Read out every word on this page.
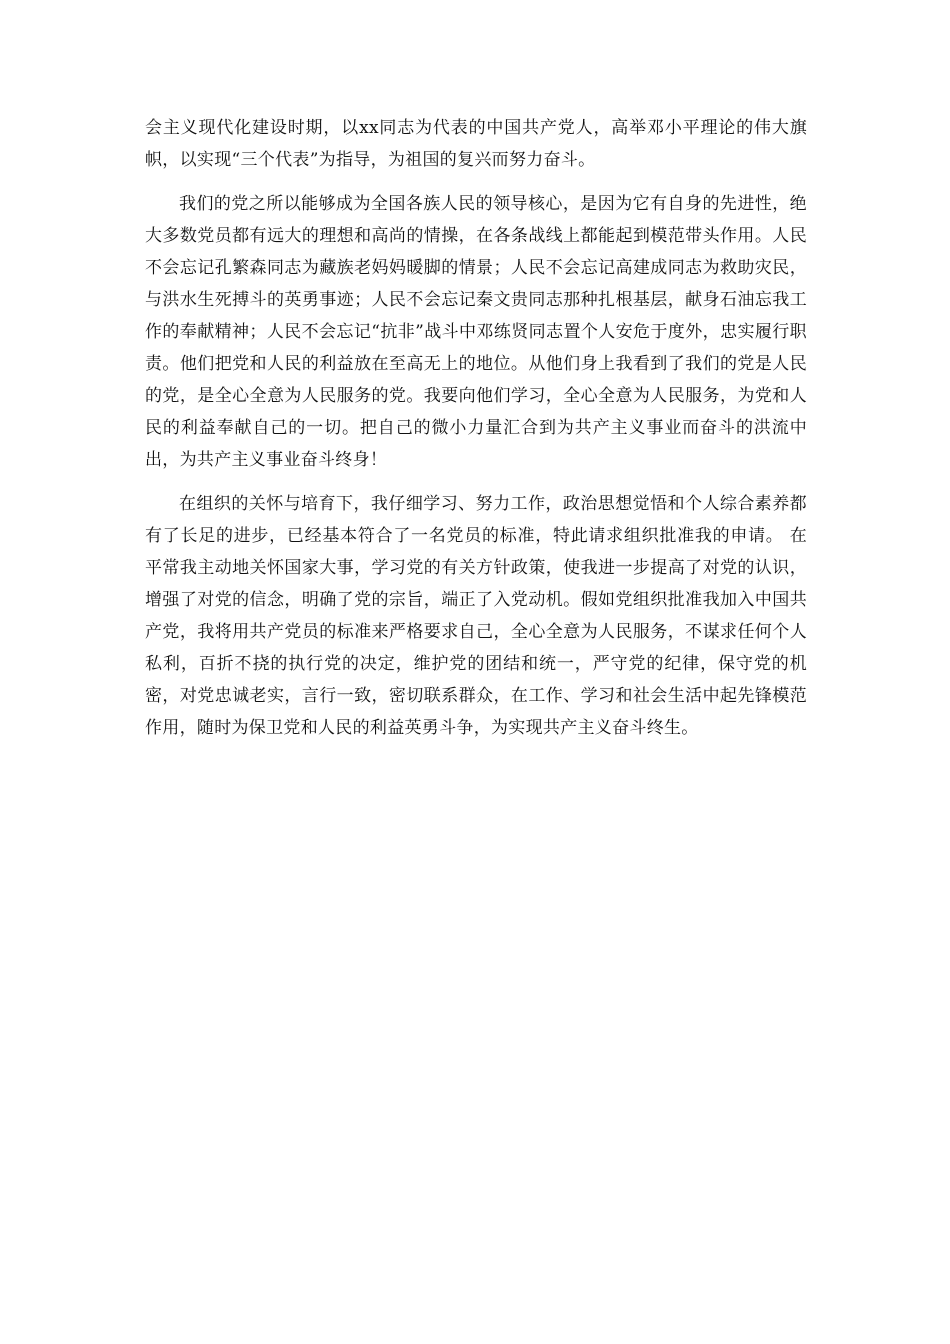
会主义现代化建设时期，以xx同志为代表的中国共产党人，高举邓小平理论的伟大旗帜，以实现“三个代表”为指导，为祖国的复兴而努力奋斗。

我们的党之所以能够成为全国各族人民的领导核心，是因为它有自身的先进性，绝大多数党员都有远大的理想和高尚的情操，在各条战线上都能起到模范带头作用。人民不会忘记孔繁森同志为藏族老妈妈暖脚的情景；人民不会忘记高建成同志为救助灾民，与洪水生死搏斗的英勇事迹；人民不会忘记秦文贵同志那种扎根基层，献身石油忘我工作的奉献精神；人民不会忘记“抗非”战斗中邓练贤同志置个人安危于度外，忠实履行职责。他们把党和人民的利益放在至高无上的地位。从他们身上我看到了我们的党是人民的党，是全心全意为人民服务的党。我要向他们学习，全心全意为人民服务，为党和人民的利益奉献自己的一切。把自己的微小力量汇合到为共产主义事业而奋斗的洪流中出，为共产主义事业奋斗终身！

在组织的关怀与培育下，我仔细学习、努力工作，政治思想觉悟和个人综合素养都有了长足的进步，已经基本符合了一名党员的标准，特此请求组织批准我的申请。 在平常我主动地关怀国家大事，学习党的有关方针政策，使我进一步提高了对党的认识，增强了对党的信念，明确了党的宗旨，端正了入党动机。假如党组织批准我加入中国共产党，我将用共产党员的标准来严格要求自己，全心全意为人民服务，不谋求任何个人私利，百折不挠的执行党的决定，维护党的团结和统一，严守党的纪律，保守党的机密，对党忠诚老实，言行一致，密切联系群众，在工作、学习和社会生活中起先锋模范作用，随时为保卫党和人民的利益英勇斗争，为实现共产主义奋斗终生。
